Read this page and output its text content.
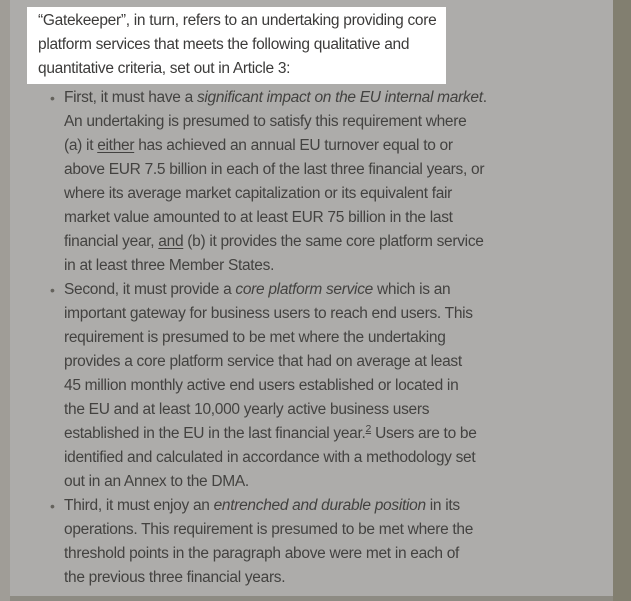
“Gatekeeper”, in turn, refers to an undertaking providing core
platform services that meets the following qualitative and
quantitative criteria, set out in Article 3:

• First, it must have a significant impact on the EU internal market.
An undertaking is presumed to satisfy this requirement where
(a) it either has achieved an annual EU turnover equal to or
above EUR 7.5 billion in each of the last three financial years, or
where its average market capitalization or its equivalent fair
market value amounted to at least EUR 75 billion in the last
financial year, and (b) it provides the same core platform service
in at least three Member States.
• Second, it must provide a core platform service which is an
important gateway for business users to reach end users. This
requirement is presumed to be met where the undertaking
provides a core platform service that had on average at least
45 million monthly active end users established or located in
the EU and at least 10,000 yearly active business users
established in the EU in the last financial year.$^2$ Users are to be
identified and calculated in accordance with a methodology set
out in an Annex to the DMA.
• Third, it must enjoy an entrenched and durable position in its
operations. This requirement is presumed to be met where the
threshold points in the paragraph above were met in each of
the previous three financial years.
